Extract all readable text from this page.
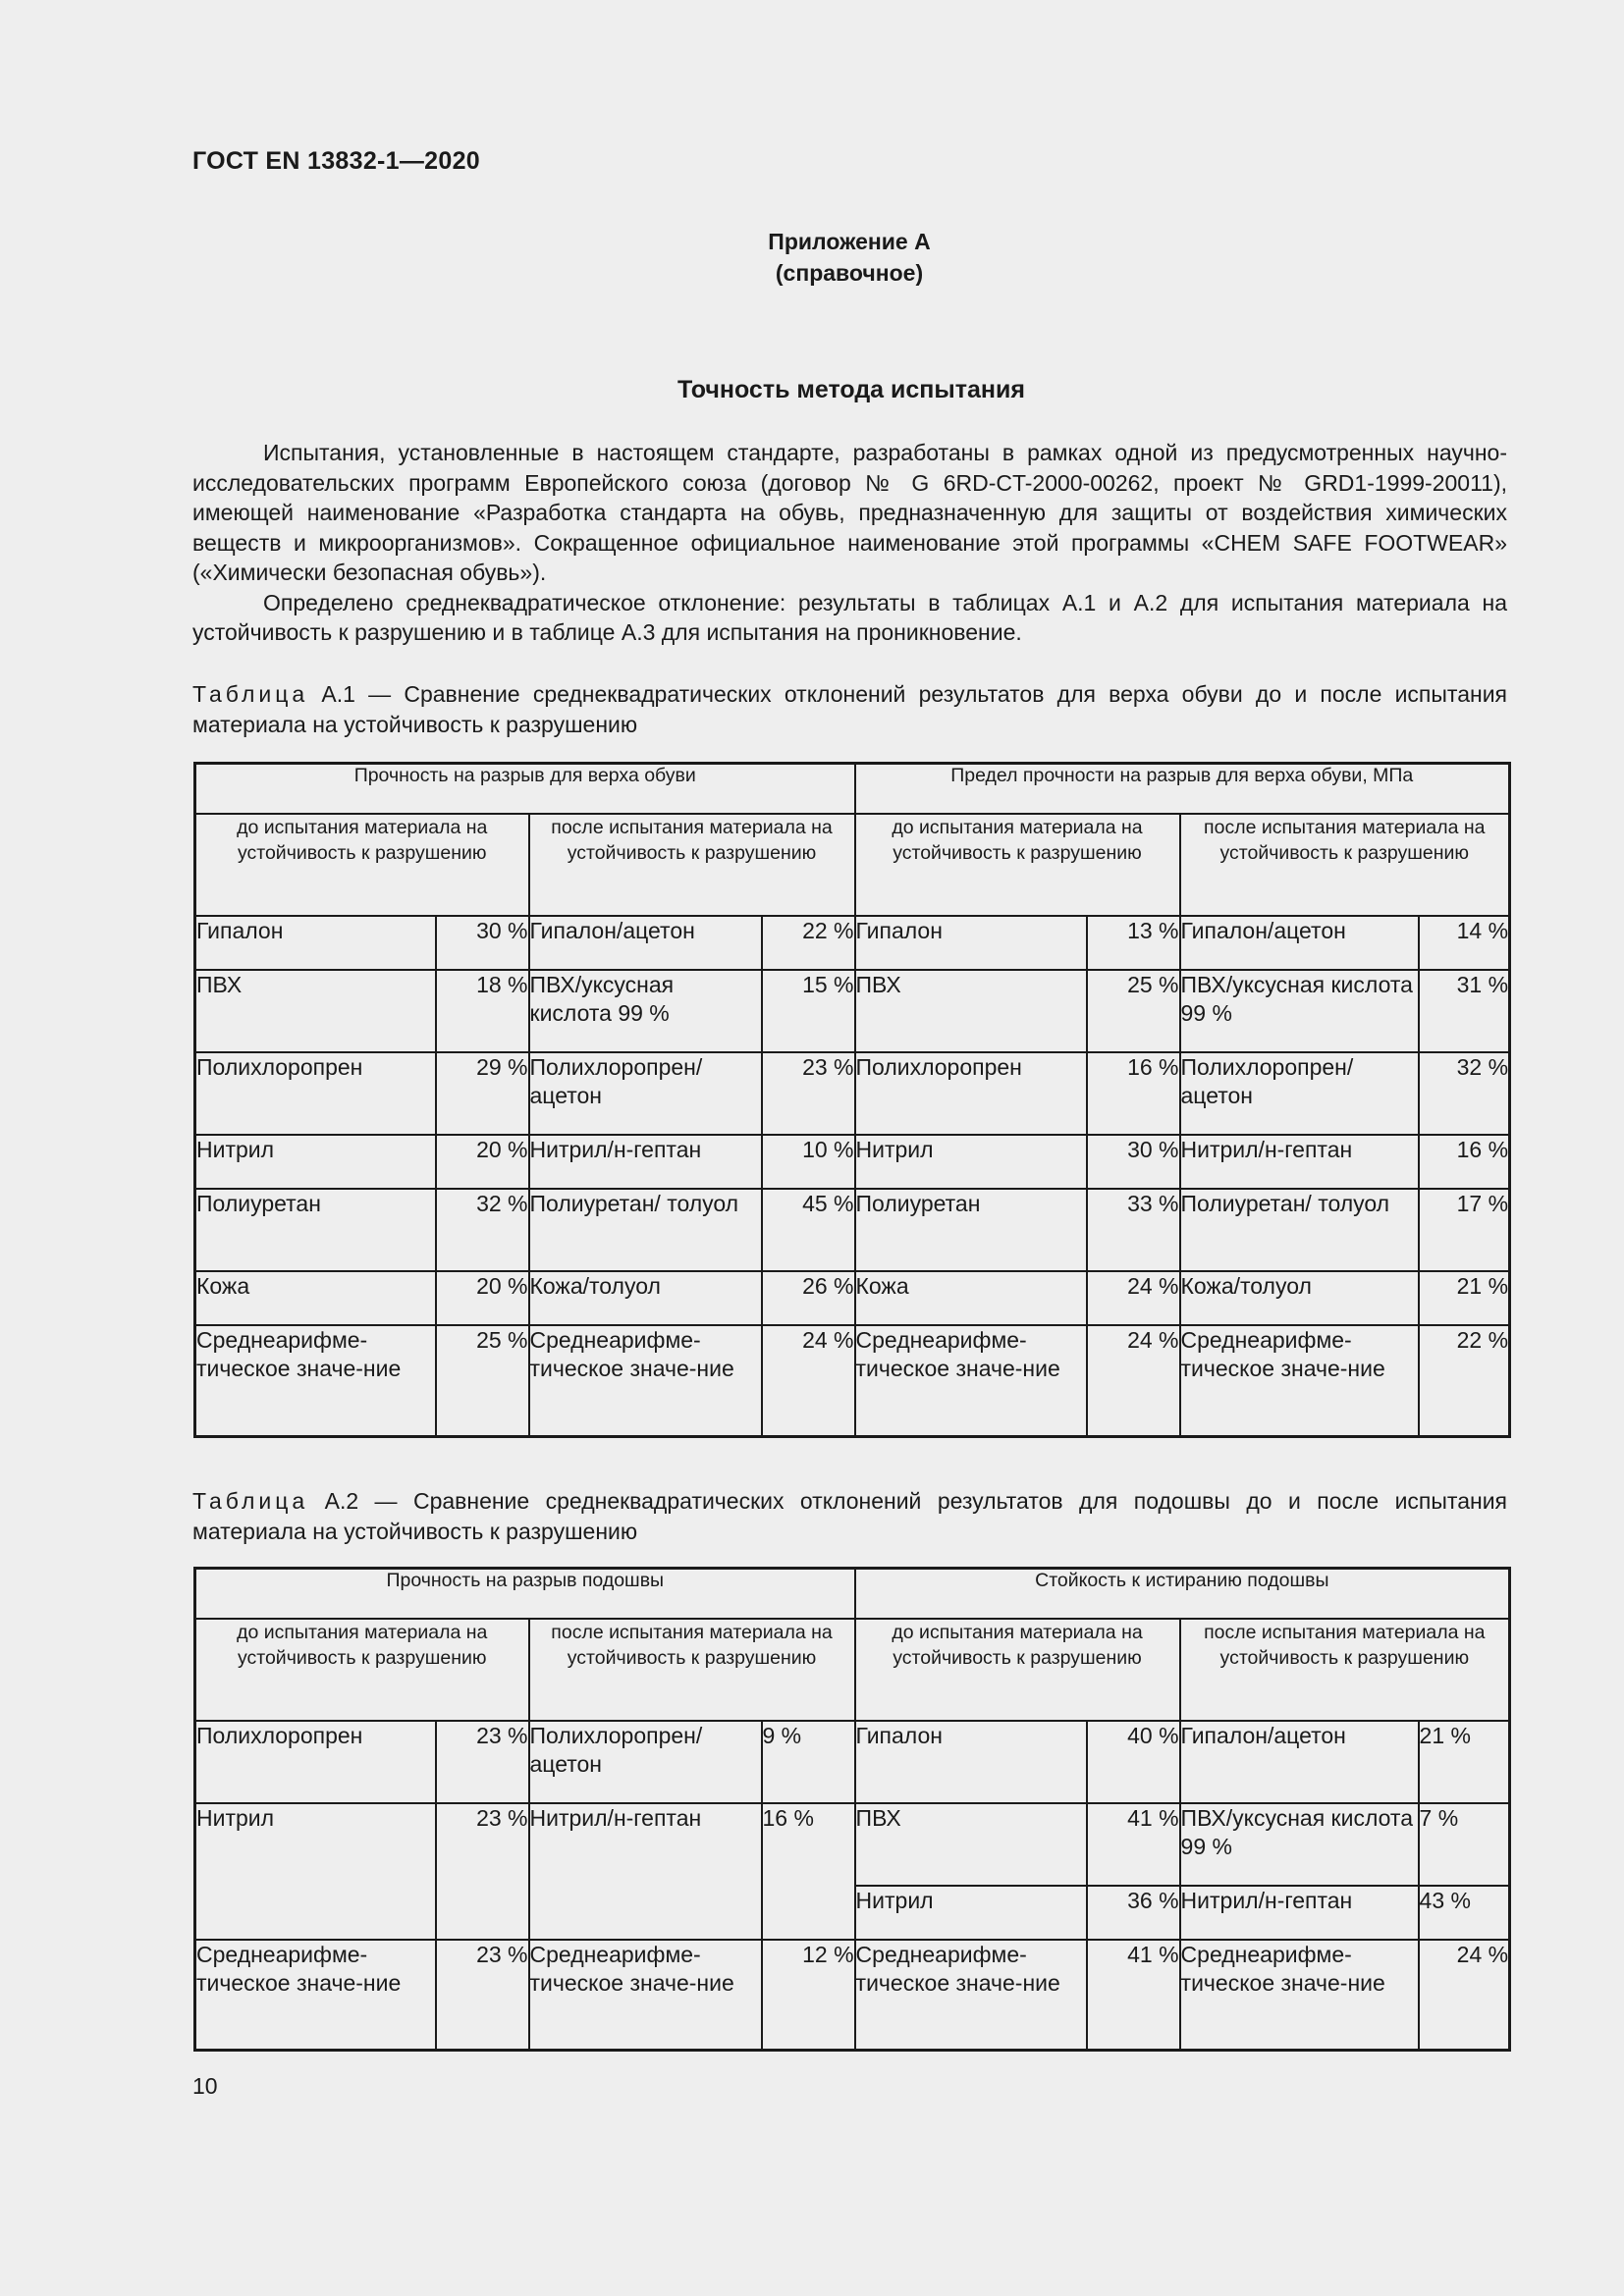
ГОСТ EN 13832-1—2020
Приложение А
(справочное)
Точность метода испытания

Испытания, установленные в настоящем стандарте, разработаны в рамках одной из предусмотренных научно-исследовательских программ Европейского союза (договор № G 6RD-CT-2000-00262, проект № GRD1-1999-20011), имеющей наименование «Разработка стандарта на обувь, предназначенную для защиты от воздействия химических веществ и микроорганизмов». Сокращенное официальное наименование этой программы «CHEM SAFE FOOTWEAR» («Химически безопасная обувь»).

Определено среднеквадратическое отклонение: результаты в таблицах А.1 и А.2 для испытания материала на устойчивость к разрушению и в таблице А.3 для испытания на проникновение.

Таблица А.1 — Сравнение среднеквадратических отклонений результатов для верха обуви до и после испытания материала на устойчивость к разрушению
Прочность на разрыв для верха обуви				Предел прочности на разрыв для верха обуви, МПа			
до испытания материала на устойчивость к разрушению		после испытания материала на устойчивость к разрушению		до испытания материала на устойчивость к разрушению		после испытания материала на устойчивость к разрушению	
Гипалон	30 %	Гипалон/ацетон	22 %	Гипалон	13 %	Гипалон/ацетон	14 %
ПВХ	18 %	ПВХ/уксусная кислота 99 %	15 %	ПВХ	25 %	ПВХ/уксусная кислота 99 %	31 %
Полихлоропрен	29 %	Полихлоропрен/ ацетон	23 %	Полихлоропрен	16 %	Полихлоропрен/ ацетон	32 %
Нитрил	20 %	Нитрил/н-гептан	10 %	Нитрил	30 %	Нитрил/н-гептан	16 %
Полиуретан	32 %	Полиуретан/ толуол	45 %	Полиуретан	33 %	Полиуретан/ толуол	17 %
Кожа	20 %	Кожа/толуол	26 %	Кожа	24 %	Кожа/толуол	21 %
Среднеарифме-тическое значе-ние	25 %	Среднеарифме-тическое значе-ние	24 %	Среднеарифме-тическое значе-ние	24 %	Среднеарифме-тическое значе-ние	22 %
Таблица А.2 — Сравнение среднеквадратических отклонений результатов для подошвы до и после испытания материала на устойчивость к разрушению
Прочность на разрыв подошвы				Стойкость к истиранию подошвы			
до испытания материала на устойчивость к разрушению		после испытания материала на устойчивость к разрушению		до испытания материала на устойчивость к разрушению		после испытания материала на устойчивость к разрушению	
Полихлоропрен	23 %	Полихлоропрен/ ацетон	9 %	Гипалон	40 %	Гипалон/ацетон	21 %
Нитрил	23 %	Нитрил/н-гептан	16 %	ПВХ	41 %	ПВХ/уксусная кислота 99 %	7 %
				Нитрил	36 %	Нитрил/н-гептан	43 %
Среднеарифме-тическое значе-ние	23 %	Среднеарифме-тическое значе-ние	12 %	Среднеарифме-тическое значе-ние	41 %	Среднеарифме-тическое значе-ние	24 %
10
